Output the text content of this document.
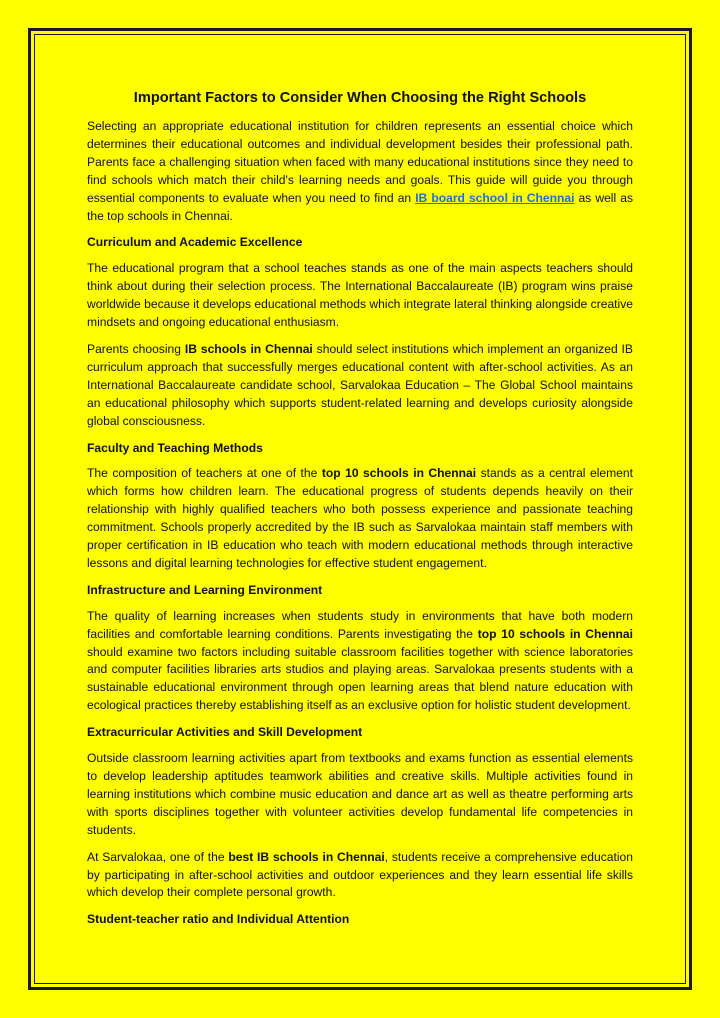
Important Factors to Consider When Choosing the Right Schools

Selecting an appropriate educational institution for children represents an essential choice which determines their educational outcomes and individual development besides their professional path. Parents face a challenging situation when faced with many educational institutions since they need to find schools which match their child's learning needs and goals. This guide will guide you through essential components to evaluate when you need to find an IB board school in Chennai as well as the top schools in Chennai.

Curriculum and Academic Excellence

The educational program that a school teaches stands as one of the main aspects teachers should think about during their selection process. The International Baccalaureate (IB) program wins praise worldwide because it develops educational methods which integrate lateral thinking alongside creative mindsets and ongoing educational enthusiasm.

Parents choosing IB schools in Chennai should select institutions which implement an organized IB curriculum approach that successfully merges educational content with after-school activities. As an International Baccalaureate candidate school, Sarvalokaa Education – The Global School maintains an educational philosophy which supports student-related learning and develops curiosity alongside global consciousness.

Faculty and Teaching Methods

The composition of teachers at one of the top 10 schools in Chennai stands as a central element which forms how children learn. The educational progress of students depends heavily on their relationship with highly qualified teachers who both possess experience and passionate teaching commitment. Schools properly accredited by the IB such as Sarvalokaa maintain staff members with proper certification in IB education who teach with modern educational methods through interactive lessons and digital learning technologies for effective student engagement.

Infrastructure and Learning Environment

The quality of learning increases when students study in environments that have both modern facilities and comfortable learning conditions. Parents investigating the top 10 schools in Chennai should examine two factors including suitable classroom facilities together with science laboratories and computer facilities libraries arts studios and playing areas. Sarvalokaa presents students with a sustainable educational environment through open learning areas that blend nature education with ecological practices thereby establishing itself as an exclusive option for holistic student development.

Extracurricular Activities and Skill Development

Outside classroom learning activities apart from textbooks and exams function as essential elements to develop leadership aptitudes teamwork abilities and creative skills. Multiple activities found in learning institutions which combine music education and dance art as well as theatre performing arts with sports disciplines together with volunteer activities develop fundamental life competencies in students.

At Sarvalokaa, one of the best IB schools in Chennai, students receive a comprehensive education by participating in after-school activities and outdoor experiences and they learn essential life skills which develop their complete personal growth.

Student-teacher ratio and Individual Attention
